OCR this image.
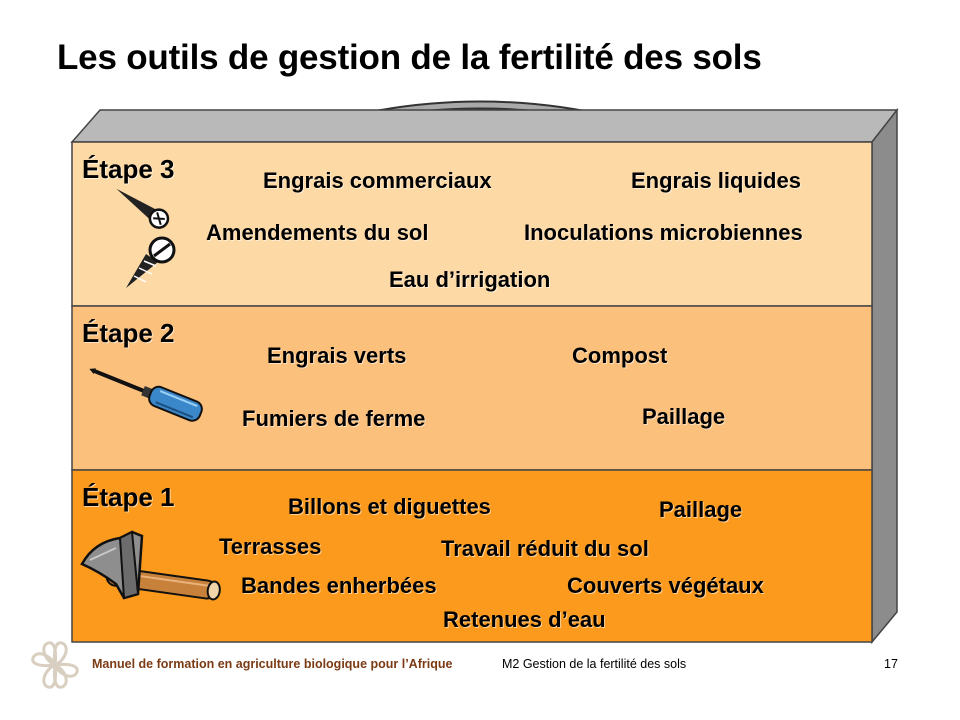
Les outils de gestion de la fertilité des sols
Étape 3	Engrais commerciaux	Engrais liquides
Amendements du sol	Inoculations microbiennes
Eau d’irrigation
Étape 2
Engrais verts	Compost
Fumiers de ferme	Paillage
Étape 1	Billons et diguettes	Paillage
Terrasses	Travail réduit du sol
Bandes enherbées	Couverts végétaux
Retenues d’eau
Manuel de formation en agriculture biologique pour l’Afrique	M2 Gestion de la fertilité des sols	17
